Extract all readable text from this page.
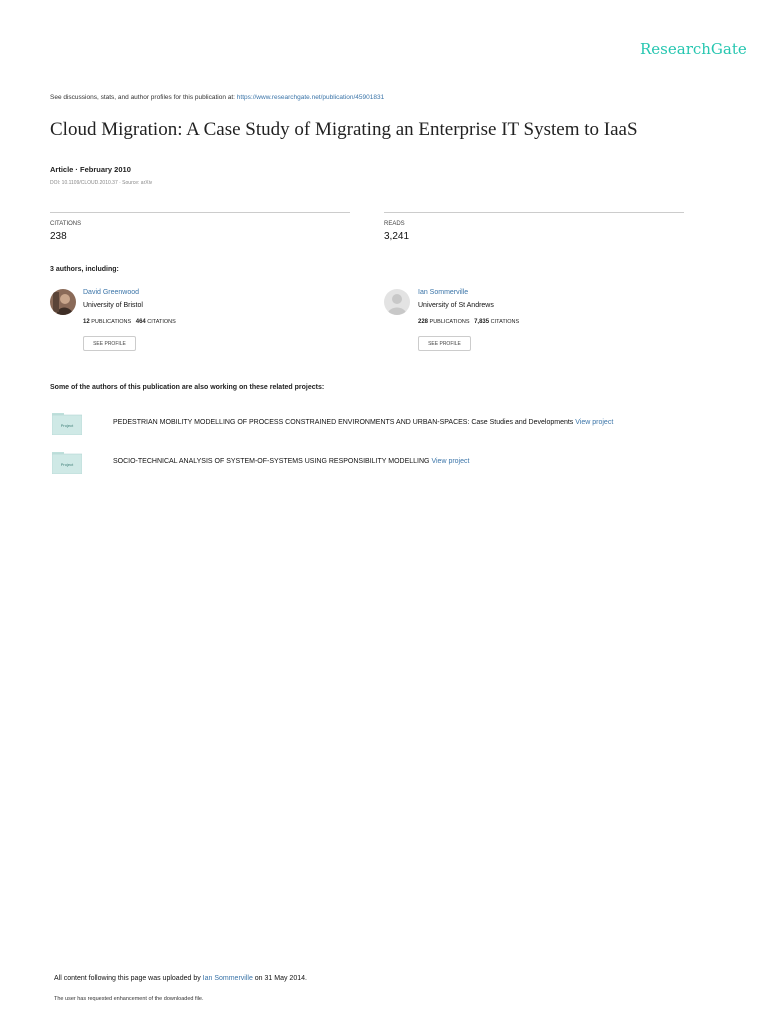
ResearchGate
See discussions, stats, and author profiles for this publication at: https://www.researchgate.net/publication/45901831
Cloud Migration: A Case Study of Migrating an Enterprise IT System to IaaS
Article · February 2010
DOI: 10.1109/CLOUD.2010.37 · Source: arXiv
CITATIONS
238
READS
3,241
3 authors, including:
David Greenwood
University of Bristol
12 PUBLICATIONS 464 CITATIONS
SEE PROFILE
Ian Sommerville
University of St Andrews
228 PUBLICATIONS 7,835 CITATIONS
SEE PROFILE
Some of the authors of this publication are also working on these related projects:
Project	PEDESTRIAN MOBILITY MODELLING OF PROCESS CONSTRAINED ENVIRONMENTS AND URBAN-SPACES: Case Studies and Developments View project
Project	SOCIO-TECHNICAL ANALYSIS OF SYSTEM-OF-SYSTEMS USING RESPONSIBILITY MODELLING View project
All content following this page was uploaded by Ian Sommerville on 31 May 2014.
The user has requested enhancement of the downloaded file.
